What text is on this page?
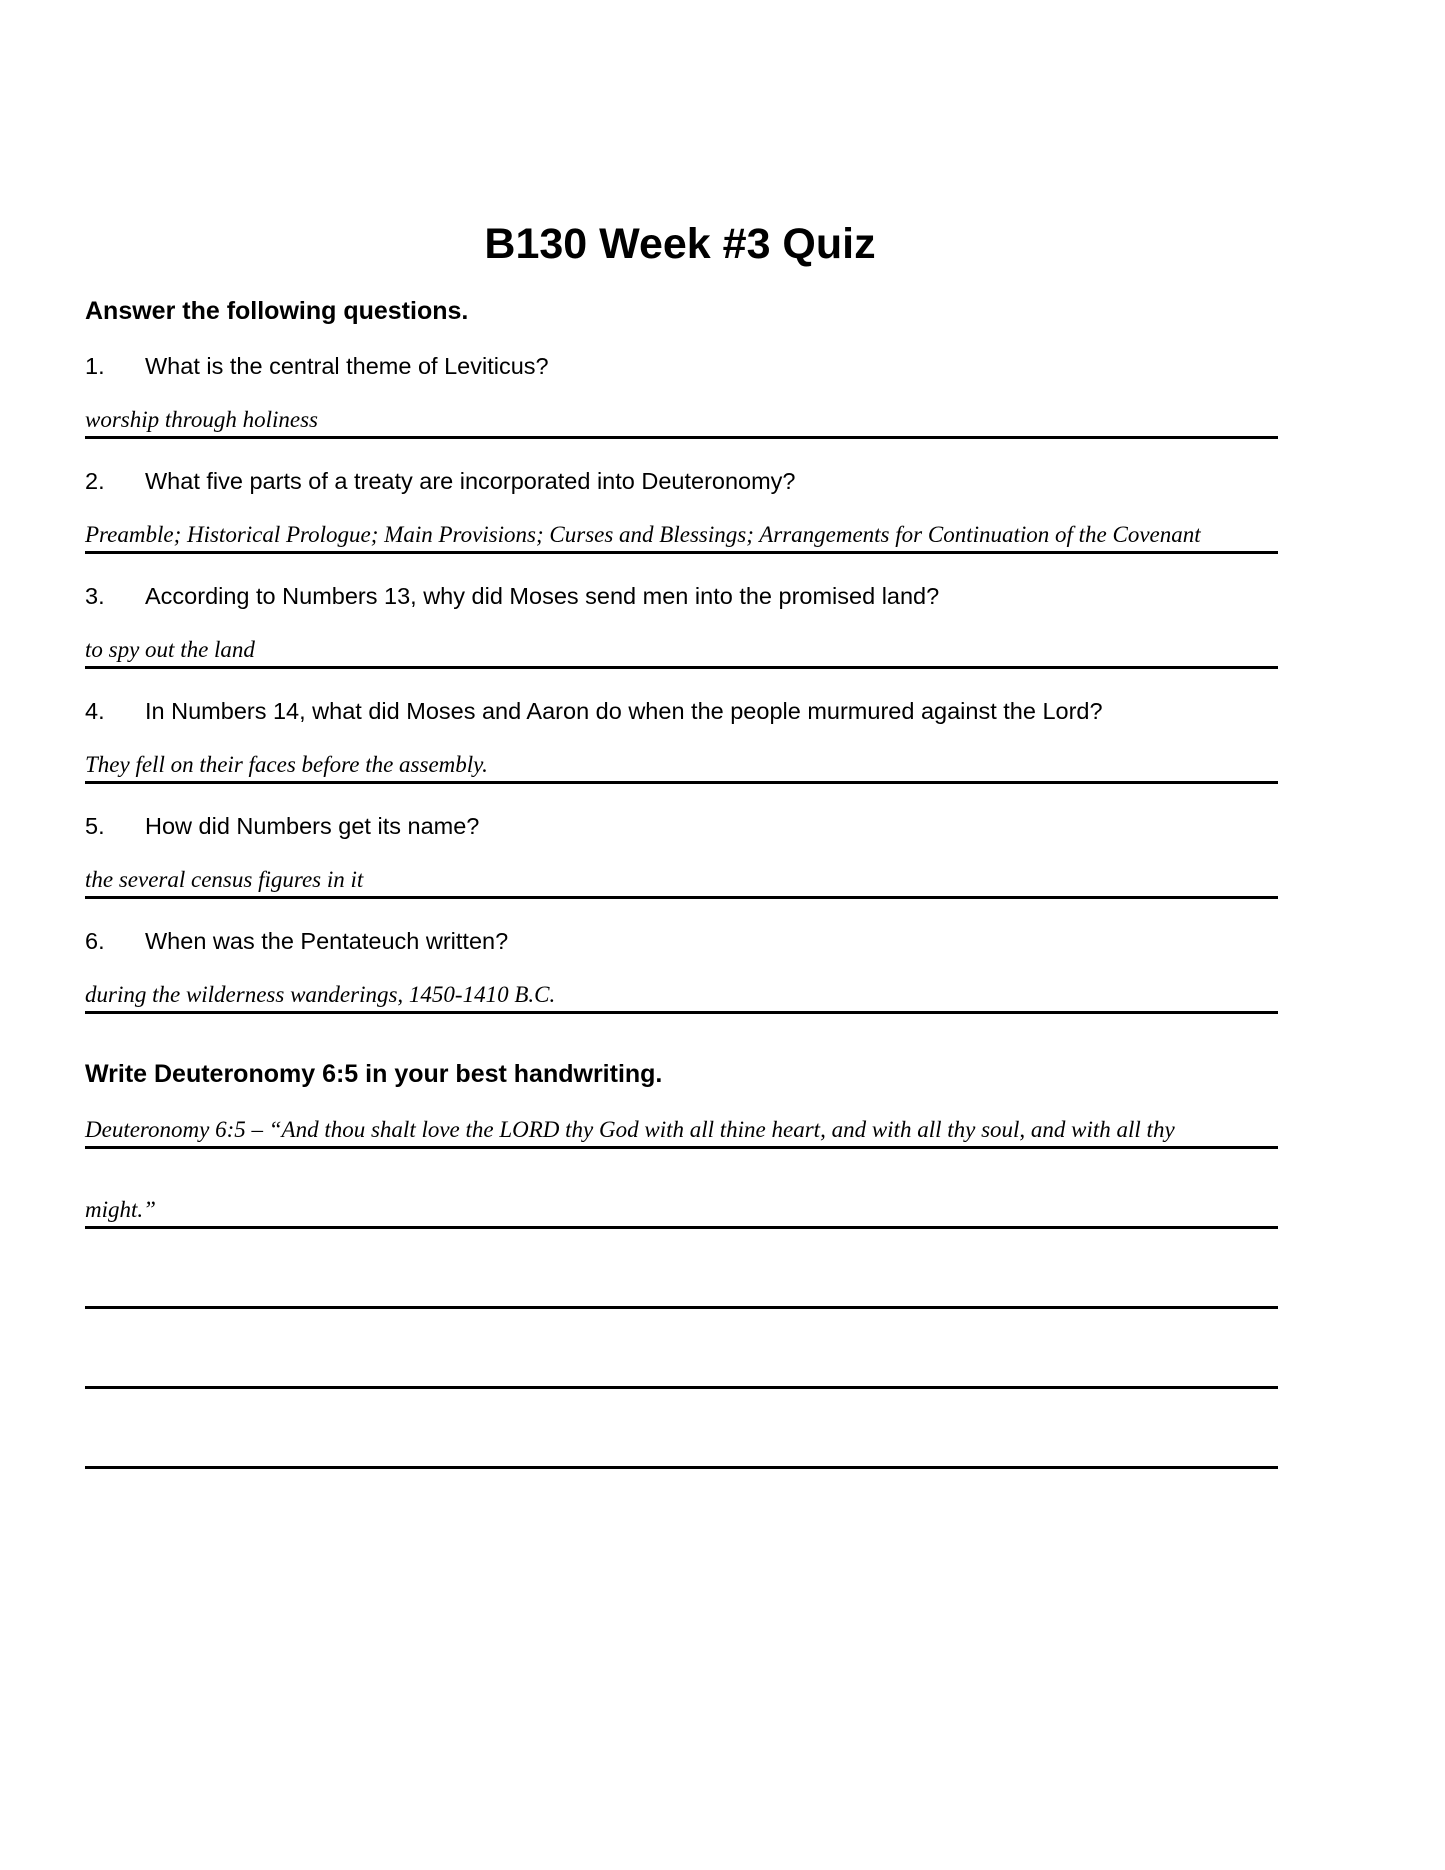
B130 Week #3 Quiz
Answer the following questions.
1. What is the central theme of Leviticus?
worship through holiness
2. What five parts of a treaty are incorporated into Deuteronomy?
Preamble; Historical Prologue; Main Provisions; Curses and Blessings; Arrangements for Continuation of the Covenant
3. According to Numbers 13, why did Moses send men into the promised land?
to spy out the land
4. In Numbers 14, what did Moses and Aaron do when the people murmured against the Lord?
They fell on their faces before the assembly.
5. How did Numbers get its name?
the several census figures in it
6. When was the Pentateuch written?
during the wilderness wanderings, 1450-1410 B.C.
Write Deuteronomy 6:5 in your best handwriting.
Deuteronomy 6:5 – “And thou shalt love the LORD thy God with all thine heart, and with all thy soul, and with all thy
might.”
